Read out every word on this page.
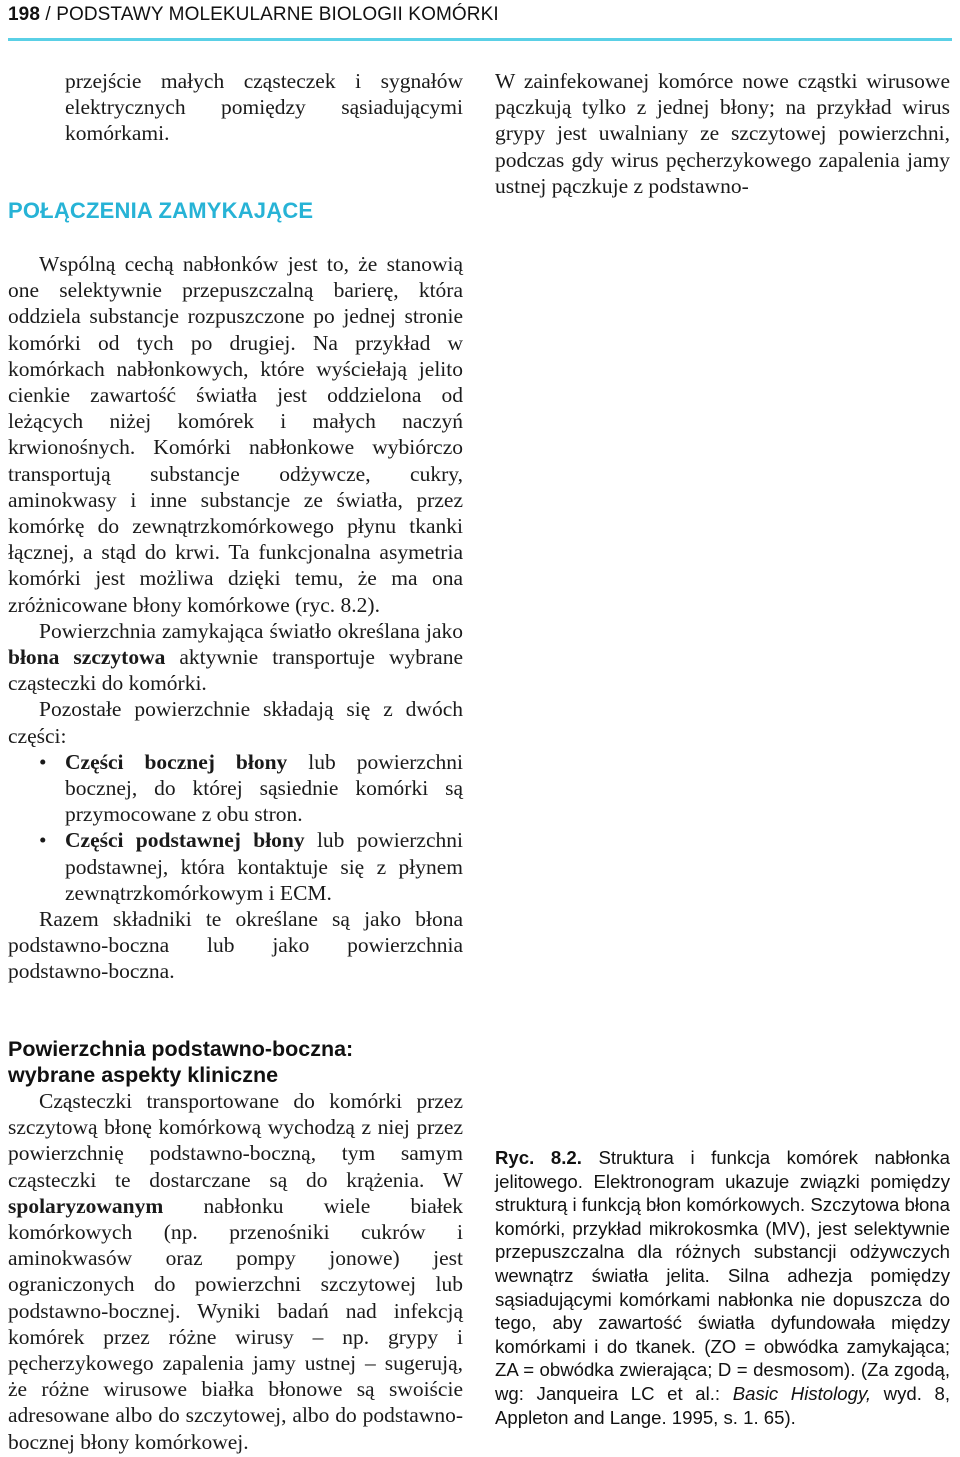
198 / PODSTAWY MOLEKULARNE BIOLOGII KOMÓRKI

przejście małych cząsteczek i sygnałów elektrycznych pomiędzy sąsiadującymi komórkami.

W zainfekowanej komórce nowe cząstki wirusowe pączkują tylko z jednej błony; na przykład wirus grypy jest uwalniany ze szczytowej powierzchni, podczas gdy wirus pęcherzykowego zapalenia jamy ustnej pączkuje z podstawno-

POŁĄCZENIA ZAMYKAJĄCE

Wspólną cechą nabłonków jest to, że stanowią one selektywnie przepuszczalną barierę, która oddziela substancje rozpuszczone po jednej stronie komórki od tych po drugiej. Na przykład w komórkach nabłonkowych, które wyściełają jelito cienkie zawartość światła jest oddzielona od leżących niżej komórek i małych naczyń krwionośnych. Komórki nabłonkowe wybiórczo transportują substancje odżywcze, cukry, aminokwasy i inne substancje ze światła, przez komórkę do zewnątrzkomórkowego płynu tkanki łącznej, a stąd do krwi. Ta funkcjonalna asymetria komórki jest możliwa dzięki temu, że ma ona zróżnicowane błony komórkowe (ryc. 8.2).

Powierzchnia zamykająca światło określana jako błona szczytowa aktywnie transportuje wybrane cząsteczki do komórki.

Pozostałe powierzchnie składają się z dwóch części:

• Części bocznej błony lub powierzchni bocznej, do której sąsiednie komórki są przymocowane z obu stron.
• Części podstawnej błony lub powierzchni podstawnej, która kontaktuje się z płynem zewnątrzkomórkowym i ECM.

Razem składniki te określane są jako błona podstawno-boczna lub jako powierzchnia podstawno-boczna.

Powierzchnia podstawno-boczna:
wybrane aspekty kliniczne

Cząsteczki transportowane do komórki przez szczytową błonę komórkową wychodzą z niej przez powierzchnię podstawno-boczną, tym samym cząsteczki te dostarczane są do krążenia. W spolaryzowanym nabłonku wiele białek komórkowych (np. przenośniki cukrów i aminokwasów oraz pompy jonowe) jest ograniczonych do powierzchni szczytowej lub podstawno-bocznej. Wyniki badań nad infekcją komórek przez różne wirusy – np. grypy i pęcherzykowego zapalenia jamy ustnej – sugerują, że różne wirusowe białka błonowe są swoiście adresowane albo do szczytowej, albo do podstawno-bocznej błony komórkowej.

Ryc. 8.2. Struktura i funkcja komórek nabłonka jelitowego. Elektronogram ukazuje związki pomiędzy strukturą i funkcją błon komórkowych. Szczytowa błona komórki, przykład mikrokosmka (MV), jest selektywnie przepuszczalna dla różnych substancji odżywczych wewnątrz światła jelita. Silna adhezja pomiędzy sąsiadującymi komórkami nabłonka nie dopuszcza do tego, aby zawartość światła dyfundowała między komórkami i do tkanek. (ZO = obwódka zamykająca; ZA = obwódka zwierająca; D = desmosom). (Za zgodą, wg: Janqueira LC et al.: Basic Histology, wyd. 8, Appleton and Lange. 1995, s. 1. 65).
